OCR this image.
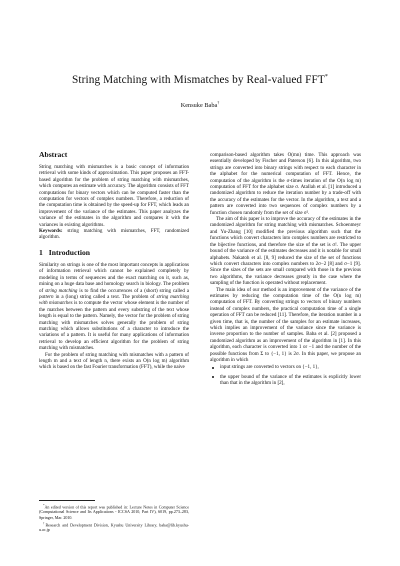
String Matching with Mismatches by Real-valued FFT*
Kensuke Baba†
Abstract

String matching with mismatches is a basic concept of information retrieval with some kinds of approximation. This paper proposes an FFT-based algorithm for the problem of string matching with mismatches, which computes an estimate with accuracy. The algorithm consists of FFT computations for binary vectors which can be computed faster than the computation for vectors of complex numbers. Therefore, a reduction of the computation time is obtained by the speed-up for FFT, which leads an improvement of the variance of the estimates. This paper analyzes the variance of the estimates in the algorithm and compares it with the variances in existing algorithms.

Keywords: string matching with mismatches, FFT, randomized algorithm.

1 Introduction

Similarity on strings is one of the most important concepts in applications of information retrieval which cannot be explained completely by modeling in terms of sequences and the exact matching on it, such as, mining on a huge data base and homology search in biology. The problem of string matching is to find the occurrences of a (short) string called a pattern in a (long) string called a text. The problem of string matching with mismatches is to compute the vector whose element is the number of the matches between the pattern and every substring of the text whose length is equal to the pattern. Namely, the vector for the problem of string matching with mismatches solves generally the problem of string matching which allows substitutions of a character to introduce the variations of a pattern. It is useful for many applications of information retrieval to develop an efficient algorithm for the problem of string matching with mismatches.

For the problem of string matching with mismatches with a pattern of length m and a text of length n, there exists an O(n log m) algorithm which is based on the fast Fourier transformation (FFT), while the naive

comparison-based algorithm takes O(mn) time. This approach was essentially developed by Fischer and Paterson [6]. In this algorithm, two strings are converted into binary strings with respect to each character in the alphabet for the numerical computation of FFT. Hence, the computation of the algorithm is the σ-times iteration of the O(n log m) computation of FFT for the alphabet size σ. Atallah et al. [1] introduced a randomized algorithm to reduce the iteration number by a trade-off with the accuracy of the estimates for the vector. In the algorithm, a text and a pattern are converted into two sequences of complex numbers by a function chosen randomly from the set of size σ².

The aim of this paper is to improve the accuracy of the estimates in the randomized algorithm for string matching with mismatches. Schoenmeyr and Yu-Zhang [10] modified the previous algorithm such that the functions which convert characters into complex numbers are restricted to the bijective functions, and therefore the size of the set is σ!. The upper bound of the variance of the estimates decreases and it is notable for small alphabets. Nakatoh et al. [8, 9] reduced the size of the set of functions which convert characters into complex numbers to 2σ−2 [8] and σ−1 [9]. Since the sizes of the sets are small compared with those in the previous two algorithms, the variance decreases greatly in the case where the sampling of the function is operated without replacement.

The main idea of our method is an improvement of the variance of the estimates by reducing the computation time of the O(n log m) computation of FFT. By converting strings to vectors of binary numbers instead of complex numbers, the practical computation time of a single operation of FFT can be reduced [11]. Therefore, the iteration number in a given time, that is, the number of the samples for an estimate increases, which implies an improvement of the variance since the variance is inverse proportion to the number of samples. Baba et al. [2] proposed a randomized algorithm as an improvement of the algorithm in [1]. In this algorithm, each character is converted into 1 or −1 and the number of the possible functions from Σ to {−1, 1} is 2σ. In this paper, we propose an algorithm in which

input strings are converted to vectors on {−1, 1},
the upper bound of the variance of the estimates is explicitly lower than that in the algorithm in [2],

*An edited version of this report was published in: Lecture Notes in Computer Science (Computational Science and Its Applications - ICCSA 2010, Part IV), 6019, pp.273–283, Springer, Mar. 2010.

†Research and Development Division, Kyushu University Library, baba@lib.kyushu-u.ac.jp
